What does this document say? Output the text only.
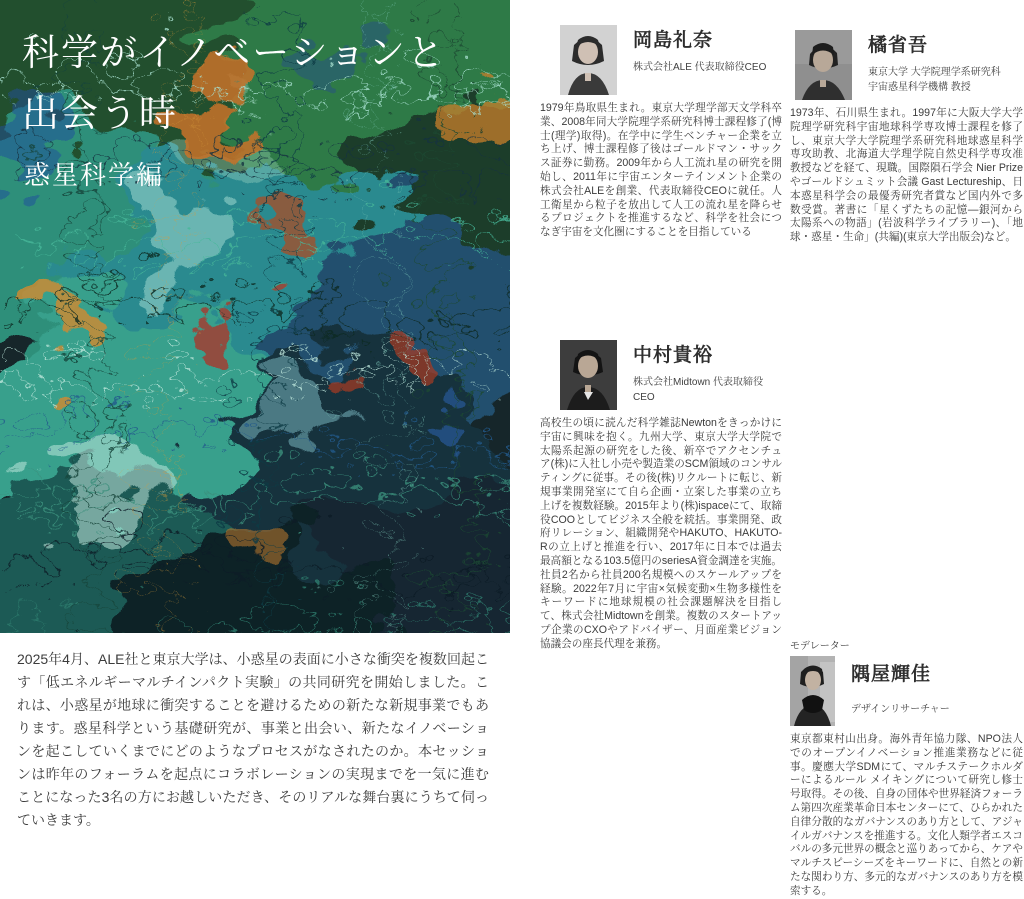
科学がイノベーションと
出会う時
惑星科学編

2025年4月、ALE社と東京大学は、小惑星の表面に小さな衝突を複数回起こす「低エネルギーマルチインパクト実験」の共同研究を開始しました。これは、小惑星が地球に衝突することを避けるための新たな新規事業でもあります。惑星科学という基礎研究が、事業と出会い、新たなイノベーションを起こしていくまでにどのようなプロセスがなされたのか。本セッションは昨年のフォーラムを起点にコラボレーションの実現までを一気に進むことになった3名の方にお越しいただき、そのリアルな舞台裏にうちて伺っていきます。

岡島礼奈

株式会社ALE 代表取締役CEO

1979年鳥取県生まれ。東京大学理学部天文学科卒業、2008年同大学院理学系研究科博士課程修了(博士(理学)取得)。在学中に学生ベンチャー企業を立ち上げ、博士課程修了後はゴールドマン・サックス証券に勤務。2009年から人工流れ星の研究を開始し、2011年に宇宙エンターテインメント企業の株式会社ALEを創業、代表取締役CEOに就任。人工衛星から粒子を放出して人工の流れ星を降らせるプロジェクトを推進するなど、科学を社会につなぎ宇宙を文化圏にすることを目指している

橘省吾

東京大学 大学院理学系研究科
宇宙惑星科学機構 教授

1973年、石川県生まれ。1997年に大阪大学大学院理学研究科宇宙地球科学専攻博士課程を修了し、東京大学大学院理学系研究科地球惑星科学専攻助教、北海道大学理学院自然史科学専攻准教授などを経て、現職。国際隕石学会 Nier Prizeやゴールドシュミット会議 Gast Lectureship、日本惑星科学会の最優秀研究者賞など国内外で多数受賞。著書に「星くずたちの記憶―銀河から太陽系への物語」(岩波科学ライブラリー)、「地球・惑星・生命」(共編)(東京大学出版会)など。

中村貴裕

株式会社Midtown 代表取締役CEO

高校生の頃に読んだ科学雑誌Newtonをきっかけに宇宙に興味を抱く。九州大学、東京大学大学院で太陽系起源の研究をした後、新卒でアクセンチュア(株)に入社し小売や製造業のSCM領域のコンサルティングに従事。その後(株)リクルートに転じ、新規事業開発室にて自ら企画・立案した事業の立ち上げを複数経験。2015年より(株)ispaceにて、取締役COOとしてビジネス全般を統括。事業開発、政府リレーション、組織開発やHAKUTO、HAKUTO-Rの立上げと推進を行い、2017年に日本では過去最高額となる103.5億円のseriesA資金調達を実施。社員2名から社員200名規模へのスケールアップを経験。2022年7月に宇宙×気候変動×生物多様性をキーワードに地球規模の社会課題解決を目指して、株式会社Midtownを創業。複数のスタートアップ企業のCXOやアドバイザー、月面産業ビジョン協議会の座長代理を兼務。	モデレーター

隅屋輝佳

デザインリサーチャー

東京都東村山出身。海外青年協力隊、NPO法人でのオープンイノベーション推進業務などに従事。慶應大学SDMにて、マルチステークホルダーによるルール メイキングについて研究し修士号取得。その後、自身の団体や世界経済フォーラム第四次産業革命日本センターにて、ひらかれた自律分散的なガバナンスのあり方として、アジャイルガバナンスを推進する。文化人類学者エスコバルの多元世界の概念と巡りあってから、ケアやマルチスピーシーズをキーワードに、自然との新たな関わり方、多元的なガバナンスのあり方を模索する。
